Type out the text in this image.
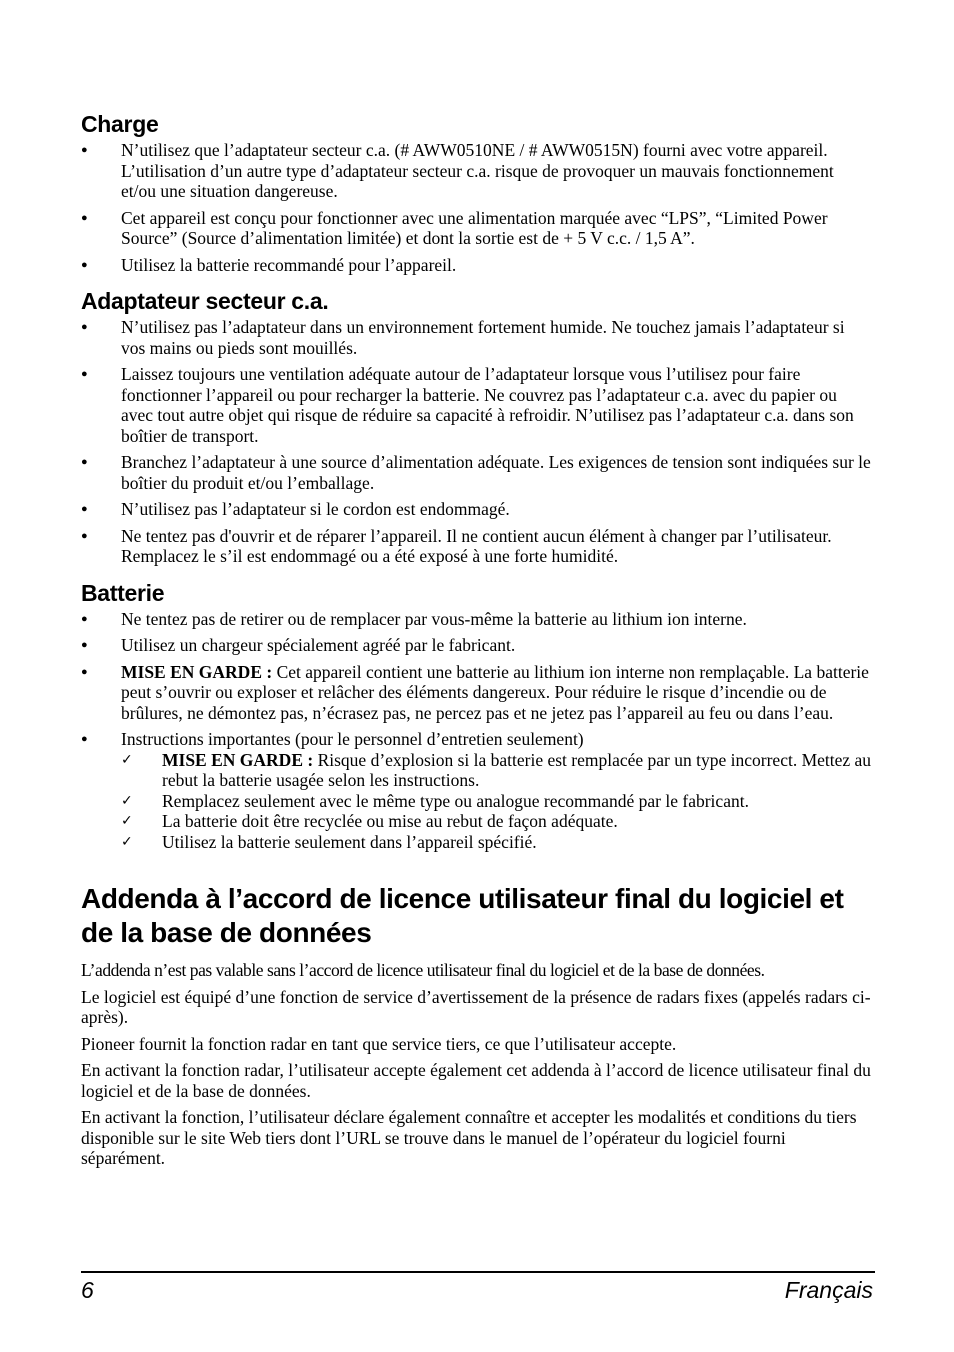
Charge
● N’utilisez que l’adaptateur secteur c.a. (# AWW0510NE / # AWW0515N) fourni avec votre appareil. L’utilisation d’un autre type d’adaptateur secteur c.a. risque de provoquer un mauvais fonctionnement et/ou une situation dangereuse.
● Cet appareil est conçu pour fonctionner avec une alimentation marquée avec “LPS”, “Limited Power Source” (Source d’alimentation limitée) et dont la sortie est de + 5 V c.c. / 1,5 A”.
● Utilisez la batterie recommandé pour l’appareil.
Adaptateur secteur c.a.
● N’utilisez pas l’adaptateur dans un environnement fortement humide. Ne touchez jamais l’adaptateur si vos mains ou pieds sont mouillés.
● Laissez toujours une ventilation adéquate autour de l’adaptateur lorsque vous l’utilisez pour faire fonctionner l’appareil ou pour recharger la batterie. Ne couvrez pas l’adaptateur c.a. avec du papier ou avec tout autre objet qui risque de réduire sa capacité à refroidir. N’utilisez pas l’adaptateur c.a. dans son boîtier de transport.
● Branchez l’adaptateur à une source d’alimentation adéquate. Les exigences de tension sont indiquées sur le boîtier du produit et/ou l’emballage.
● N’utilisez pas l’adaptateur si le cordon est endommagé.
● Ne tentez pas d'ouvrir et de réparer l’appareil. Il ne contient aucun élément à changer par l’utilisateur. Remplacez le s’il est endommagé ou a été exposé à une forte humidité.
Batterie
● Ne tentez pas de retirer ou de remplacer par vous-même la batterie au lithium ion interne.
● Utilisez un chargeur spécialement agréé par le fabricant.
● MISE EN GARDE : Cet appareil contient une batterie au lithium ion interne non remplaçable. La batterie peut s’ouvrir ou exploser et relâcher des éléments dangereux. Pour réduire le risque d’incendie ou de brûlures, ne démontez pas, n’écrasez pas, ne percez pas et ne jetez pas l’appareil au feu ou dans l’eau.
● Instructions importantes (pour le personnel d’entretien seulement)
✓ MISE EN GARDE : Risque d’explosion si la batterie est remplacée par un type incorrect. Mettez au rebut la batterie usagée selon les instructions.
✓ Remplacez seulement avec le même type ou analogue recommandé par le fabricant.
✓ La batterie doit être recyclée ou mise au rebut de façon adéquate.
✓ Utilisez la batterie seulement dans l’appareil spécifié.
Addenda à l’accord de licence utilisateur final du logiciel et de la base de données

L’addenda n’est pas valable sans l’accord de licence utilisateur final du logiciel et de la base de données.

Le logiciel est équipé d’une fonction de service d’avertissement de la présence de radars fixes (appelés radars ci-après).

Pioneer fournit la fonction radar en tant que service tiers, ce que l’utilisateur accepte.

En activant la fonction radar, l’utilisateur accepte également cet addenda à l’accord de licence utilisateur final du logiciel et de la base de données.

En activant la fonction, l’utilisateur déclare également connaître et accepter les modalités et conditions du tiers disponible sur le site Web tiers dont l’URL se trouve dans le manuel de l’opérateur du logiciel fourni séparément.

6	Français
